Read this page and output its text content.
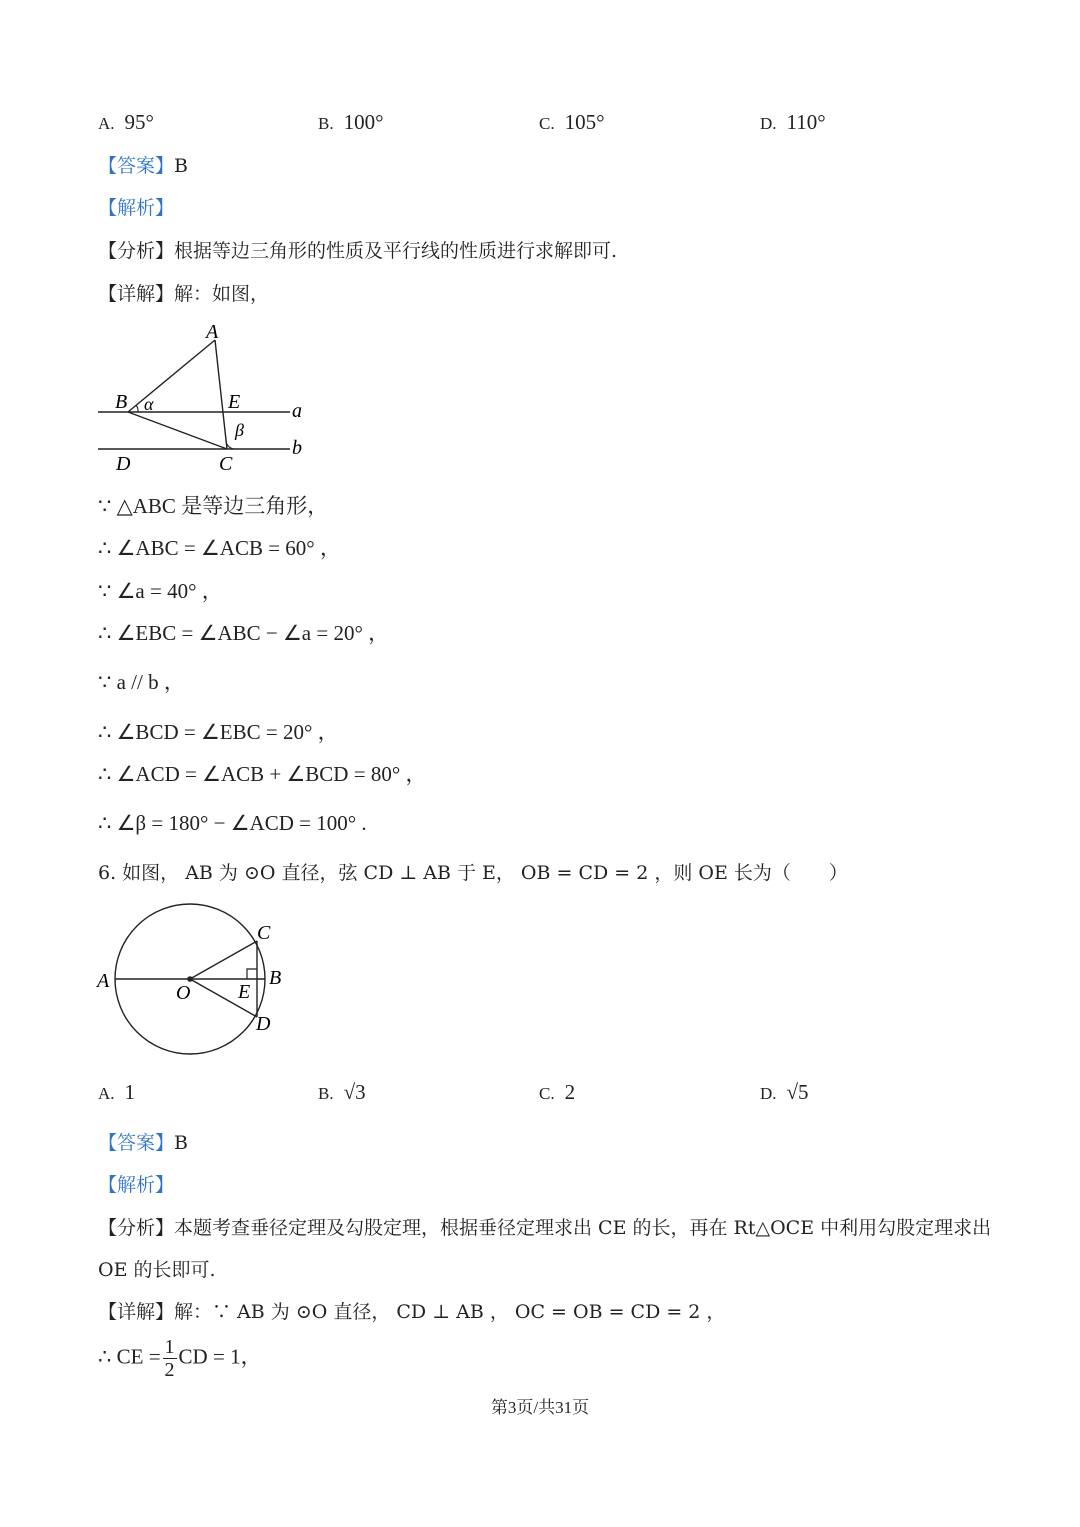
A. 95°	B. 100°	C. 105°	D. 110°
【答案】B
【解析】
【分析】根据等边三角形的性质及平行线的性质进行求解即可.
【详解】解：如图，
A
B α	E	a
β
b
D	C
∵ △ABC 是等边三角形，
∴ ∠ABC = ∠ACB = 60° ，
∵ ∠a = 40° ，
∴ ∠EBC = ∠ABC − ∠a = 20° ，
∵ a // b ，
∴ ∠BCD = ∠EBC = 20° ，
∴ ∠ACD = ∠ACB + ∠BCD = 80° ，
∴ ∠β = 180° − ∠ACD = 100° .
6. 如图， AB 为 ⊙O 直径，弦 CD ⊥ AB 于 E， OB = CD = 2 ，则 OE 长为（　　）
A
O E
B
C
D
A. 1	B. √3	C. 2	D. √5
【答案】B
【解析】
【分析】本题考查垂径定理及勾股定理，根据垂径定理求出 CE 的长，再在 Rt△OCE 中利用勾股定理求出
OE 的长即可.
【详解】解：∵ AB 为 ⊙O 直径， CD ⊥ AB ， OC = OB = CD = 2 ，
∴ CE = $\frac{1}{2}$ CD = 1，
第3页/共31页
